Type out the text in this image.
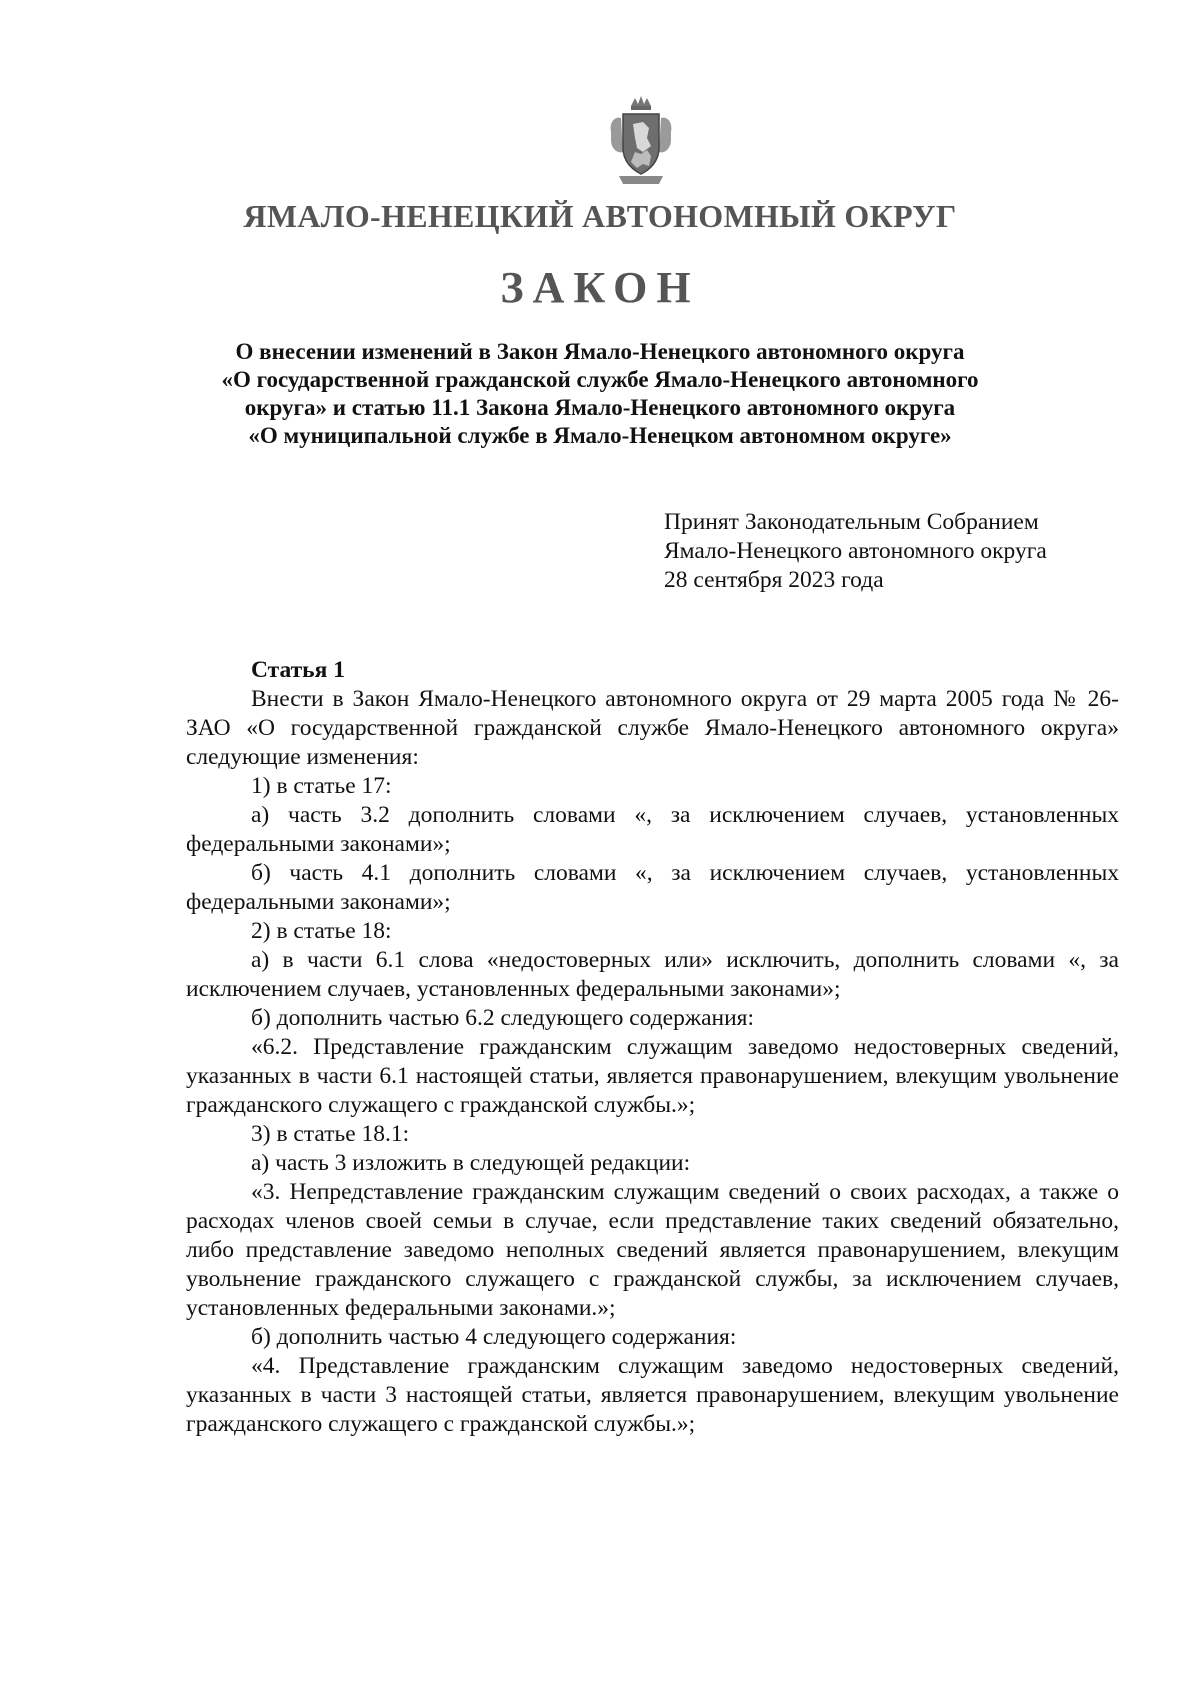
ЯМАЛО-НЕНЕЦКИЙ АВТОНОМНЫЙ ОКРУГ
ЗАКОН
О внесении изменений в Закон Ямало-Ненецкого автономного округа
«О государственной гражданской службе Ямало-Ненецкого автономного
округа» и статью 11.1 Закона Ямало-Ненецкого автономного округа
«О муниципальной службе в Ямало-Ненецком автономном округе»
Принят Законодательным Собранием
Ямало-Ненецкого автономного округа
28 сентября 2023 года
Статья 1
Внести в Закон Ямало-Ненецкого автономного округа от 29 марта 2005 года № 26-ЗАО «О государственной гражданской службе Ямало-Ненецкого автономного округа» следующие изменения:
1) в статье 17:
а) часть 3.2 дополнить словами «, за исключением случаев, установленных федеральными законами»;
б) часть 4.1 дополнить словами «, за исключением случаев, установленных федеральными законами»;
2) в статье 18:
а) в части 6.1 слова «недостоверных или» исключить, дополнить словами «, за исключением случаев, установленных федеральными законами»;
б) дополнить частью 6.2 следующего содержания:
«6.2. Представление гражданским служащим заведомо недостоверных сведений, указанных в части 6.1 настоящей статьи, является правонарушением, влекущим увольнение гражданского служащего с гражданской службы.»;
3) в статье 18.1:
а) часть 3 изложить в следующей редакции:
«3. Непредставление гражданским служащим сведений о своих расходах, а также о расходах членов своей семьи в случае, если представление таких сведений обязательно, либо представление заведомо неполных сведений является правонарушением, влекущим увольнение гражданского служащего с гражданской службы, за исключением случаев, установленных федеральными законами.»;
б) дополнить частью 4 следующего содержания:
«4. Представление гражданским служащим заведомо недостоверных сведений, указанных в части 3 настоящей статьи, является правонарушением, влекущим увольнение гражданского служащего с гражданской службы.»;
